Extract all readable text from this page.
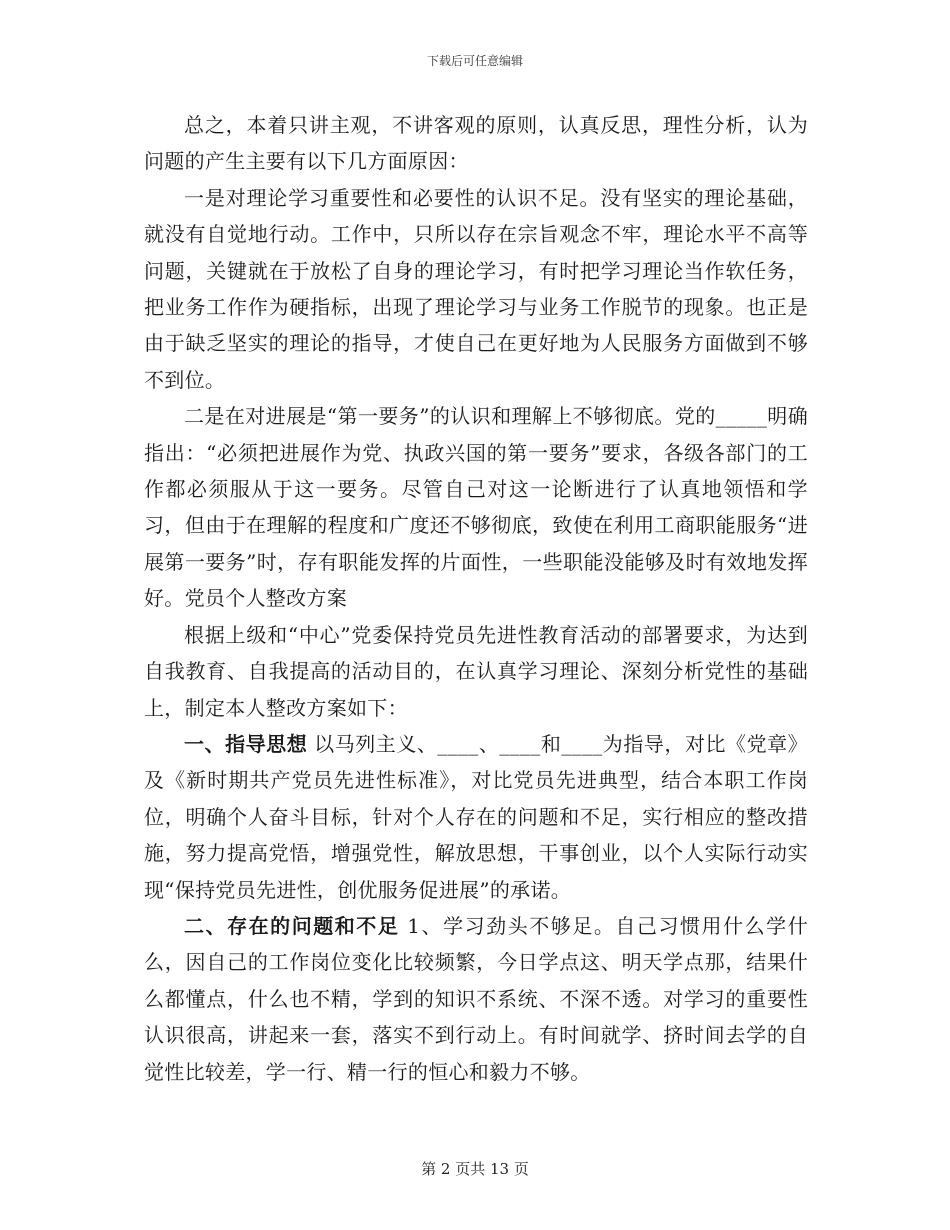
下载后可任意编辑

总之，本着只讲主观，不讲客观的原则，认真反思，理性分析，认为问题的产生主要有以下几方面原因：

一是对理论学习重要性和必要性的认识不足。没有坚实的理论基础，就没有自觉地行动。工作中，只所以存在宗旨观念不牢，理论水平不高等问题，关键就在于放松了自身的理论学习，有时把学习理论当作软任务，把业务工作作为硬指标，出现了理论学习与业务工作脱节的现象。也正是由于缺乏坚实的理论的指导，才使自己在更好地为人民服务方面做到不够不到位。

二是在对进展是“第一要务”的认识和理解上不够彻底。党的_____明确指出：“必须把进展作为党、执政兴国的第一要务”要求，各级各部门的工作都必须服从于这一要务。尽管自己对这一论断进行了认真地领悟和学习，但由于在理解的程度和广度还不够彻底，致使在利用工商职能服务“进展第一要务”时，存有职能发挥的片面性，一些职能没能够及时有效地发挥好。党员个人整改方案

根据上级和“中心”党委保持党员先进性教育活动的部署要求，为达到自我教育、自我提高的活动目的，在认真学习理论、深刻分析党性的基础上，制定本人整改方案如下：

一、指导思想 以马列主义、____、____和____为指导，对比《党章》及《新时期共产党员先进性标准》，对比党员先进典型，结合本职工作岗位，明确个人奋斗目标，针对个人存在的问题和不足，实行相应的整改措施，努力提高党悟，增强党性，解放思想，干事创业，以个人实际行动实现“保持党员先进性，创优服务促进展”的承诺。

二、存在的问题和不足 1、学习劲头不够足。自己习惯用什么学什么，因自己的工作岗位变化比较频繁，今日学点这、明天学点那，结果什么都懂点，什么也不精，学到的知识不系统、不深不透。对学习的重要性认识很高，讲起来一套，落实不到行动上。有时间就学、挤时间去学的自觉性比较差，学一行、精一行的恒心和毅力不够。

第 2 页共 13 页
